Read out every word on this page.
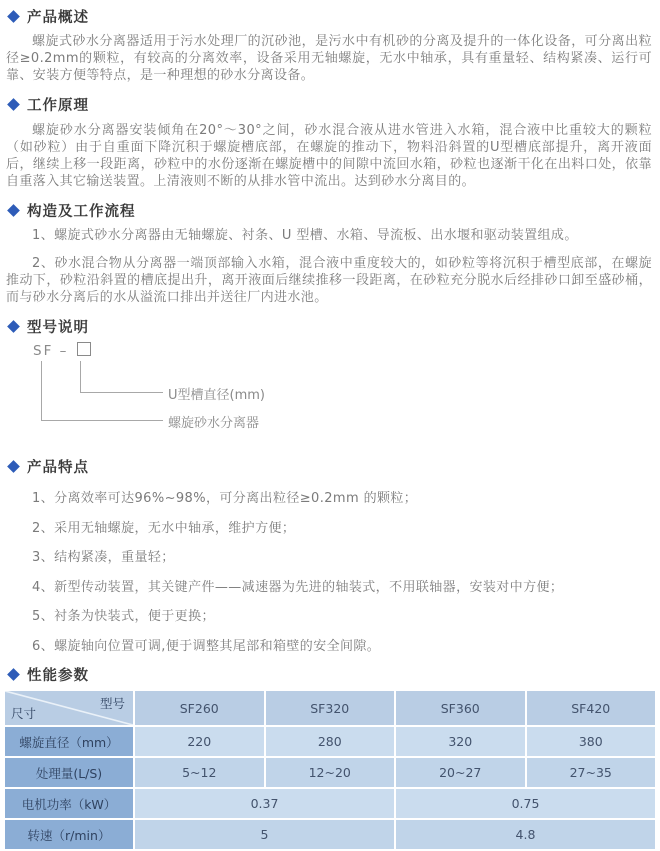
产品概述

螺旋式砂水分离器适用于污水处理厂的沉砂池，是污水中有机砂的分离及提升的一体化设备，可分离出粒径≥0.2mm的颗粒，有较高的分离效率，设备采用无轴螺旋，无水中轴承，具有重量轻、结构紧凑、运行可靠、安装方便等特点，是一种理想的砂水分离设备。

工作原理

螺旋砂水分离器安装倾角在20°～30°之间，砂水混合液从进水管进入水箱，混合液中比重较大的颗粒（如砂粒）由于自重面下降沉积于螺旋槽底部，在螺旋的推动下，物料沿斜置的U型槽底部提升，离开液面后，继续上移一段距离，砂粒中的水份逐渐在螺旋槽中的间隙中流回水箱，砂粒也逐渐干化在出料口处，依靠自重落入其它输送装置。上清液则不断的从排水管中流出。达到砂水分离目的。

构造及工作流程

1、螺旋式砂水分离器由无轴螺旋、衬条、U 型槽、水箱、导流板、出水堰和驱动装置组成。

2、砂水混合物从分离器一端顶部输入水箱，混合液中重度较大的，如砂粒等将沉积于槽型底部，在螺旋推动下，砂粒沿斜置的槽底提出升，离开液面后继续推移一段距离，在砂粒充分脱水后经排砂口卸至盛砂桶，而与砂水分离后的水从溢流口排出并送往厂内进水池。

型号说明
SF –
U型槽直径(mm)
螺旋砂水分离器
产品特点
1、分离效率可达96%~98%，可分离出粒径≥0.2mm 的颗粒；
2、采用无轴螺旋，无水中轴承，维护方便；
3、结构紧凑，重量轻；
4、新型传动装置，其关键产件——减速器为先进的轴装式，不用联轴器，安装对中方便；
5、衬条为快装式，便于更换；
6、螺旋轴向位置可调,便于调整其尾部和箱壁的安全间隙。
性能参数
型号
尺寸	SF260	SF320	SF360	SF420
螺旋直径（mm）	220	280	320	380
处理量(L/S)	5~12	12~20	20~27	27~35
电机功率（kW）	0.37		0.75	
转速（r/min）	5		4.8	
